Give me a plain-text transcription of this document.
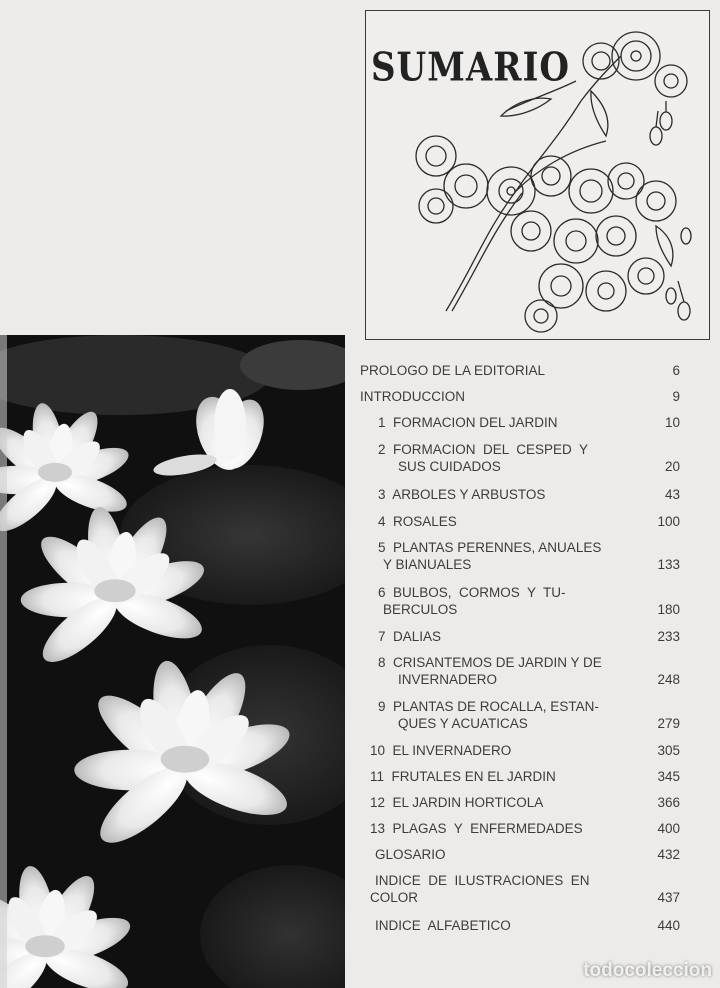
SUMARIO
PROLOGO DE LA EDITORIAL	6
INTRODUCCION	9
1  FORMACION DEL JARDIN	10
2  FORMACION  DEL  CESPED  Y
SUS CUIDADOS	20
3  ARBOLES Y ARBUSTOS	43
4  ROSALES	100
5  PLANTAS PERENNES, ANUALES
Y BIANUALES	133
6  BULBOS,  CORMOS  Y  TU-
BERCULOS	180
7  DALIAS	233
8  CRISANTEMOS DE JARDIN Y DE
INVERNADERO	248
9  PLANTAS DE ROCALLA, ESTAN-
QUES Y ACUATICAS	279
10  EL INVERNADERO	305
11  FRUTALES EN EL JARDIN	345
12  EL JARDIN HORTICOLA	366
13  PLAGAS  Y  ENFERMEDADES	400
GLOSARIO	432
INDICE  DE  ILUSTRACIONES  EN
COLOR	437
INDICE  ALFABETICO	440
todocoleccion
